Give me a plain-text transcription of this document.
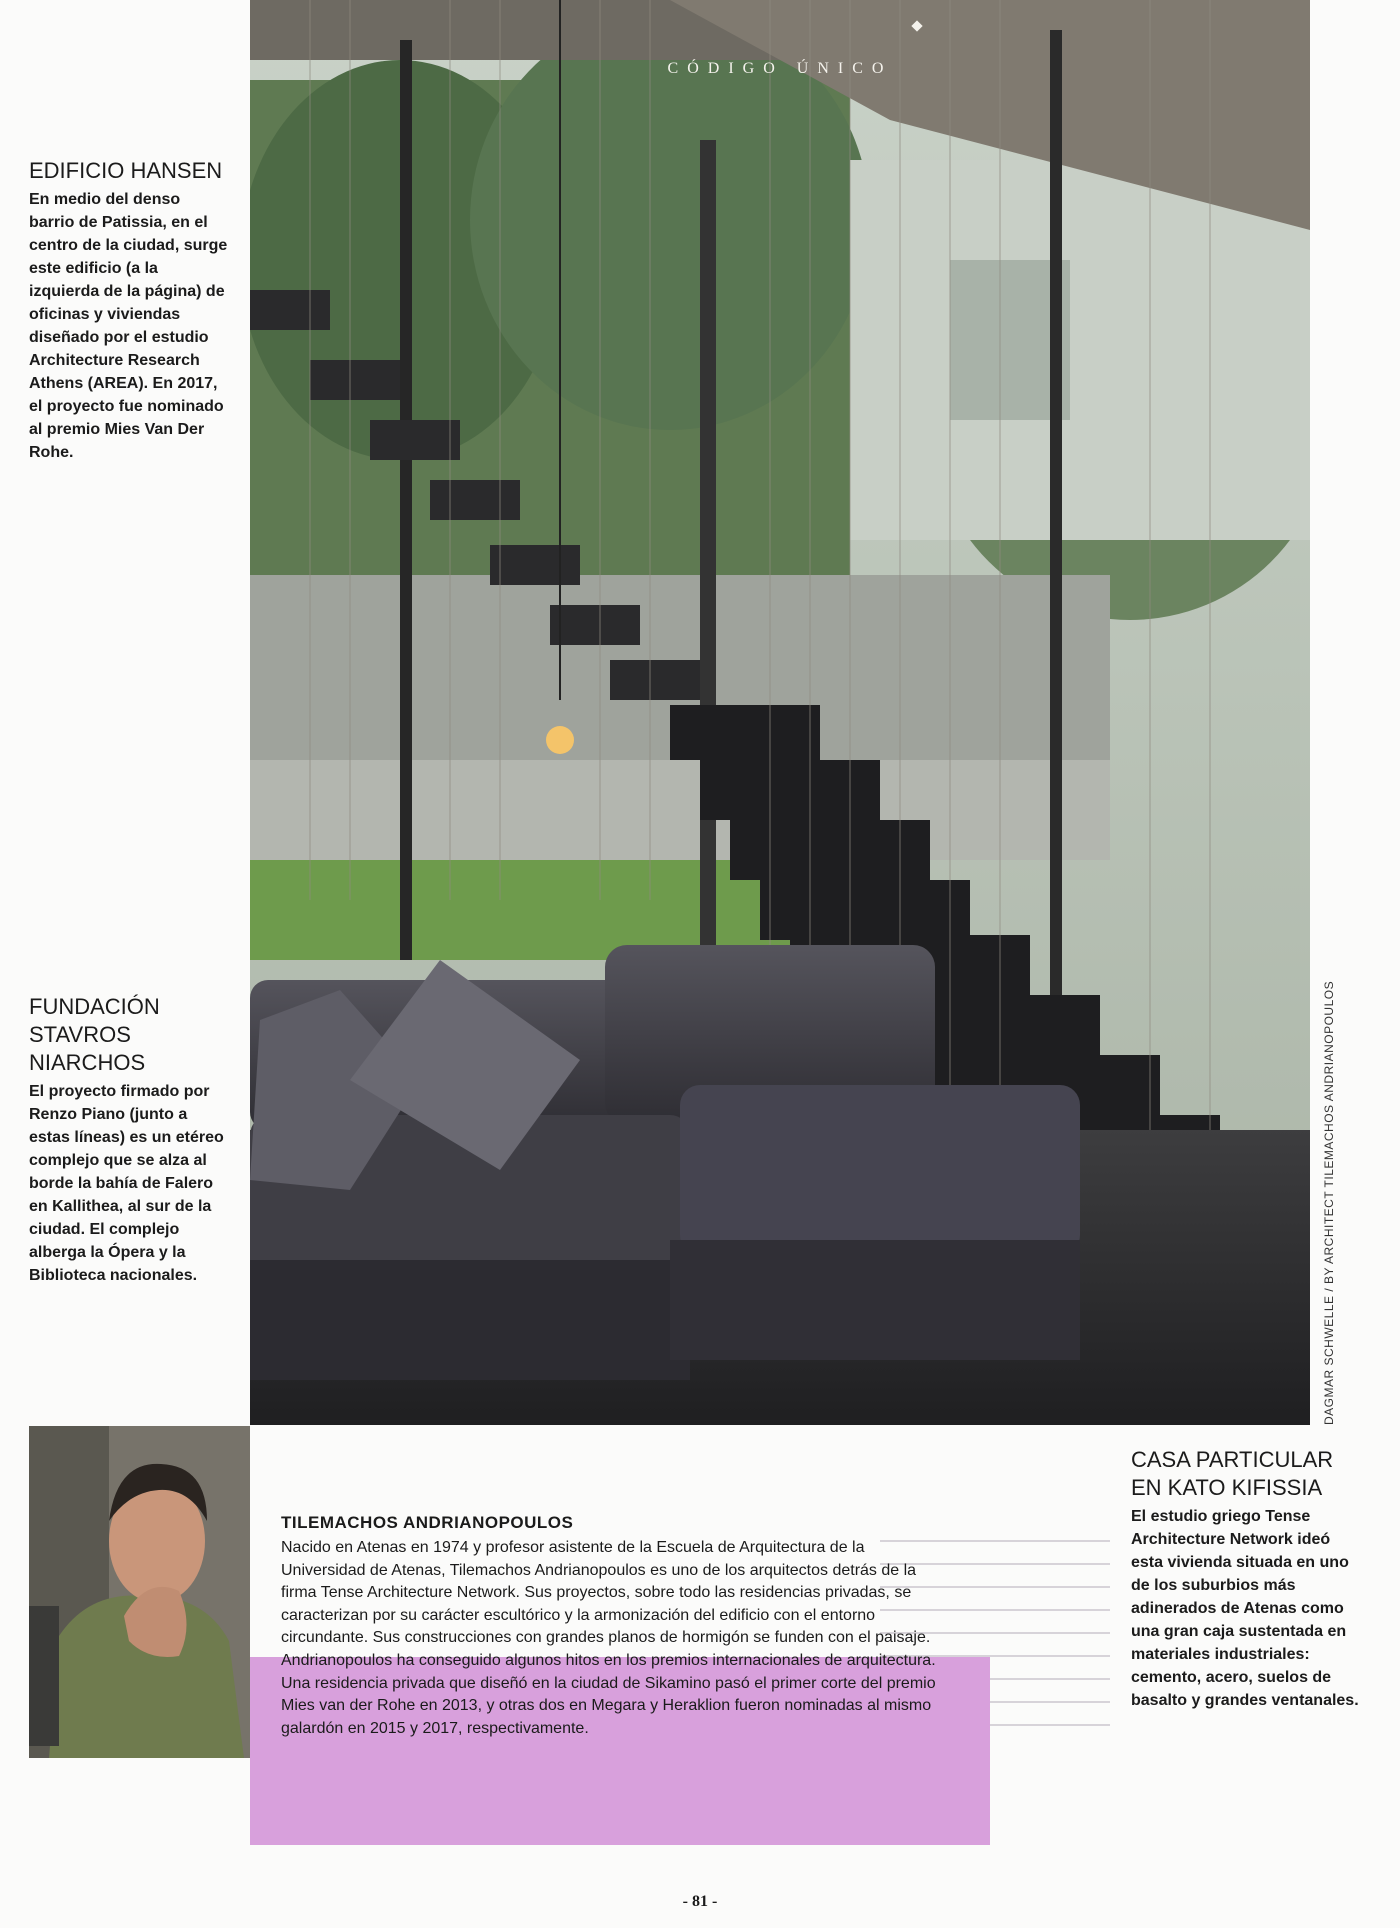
CÓDIGO ÚNICO
EDIFICIO HANSEN

En medio del denso barrio de Patissia, en el centro de la ciudad, surge este edificio (a la izquierda de la página) de oficinas y viviendas diseñado por el estudio Architecture Research Athens (AREA). En 2017, el proyecto fue nominado al premio Mies Van Der Rohe.

FUNDACIÓN STAVROS NIARCHOS

El proyecto firmado por Renzo Piano (junto a estas líneas) es un etéreo complejo que se alza al borde la bahía de Falero en Kallithea, al sur de la ciudad. El complejo alberga la Ópera y la Biblioteca nacionales.	DAGMAR SCHWELLE / BY ARCHITECT TILEMACHOS ANDRIANOPOULOS

TILEMACHOS ANDRIANOPOULOS

Nacido en Atenas en 1974 y profesor asistente de la Escuela de Arquitectura de la Universidad de Atenas, Tilemachos Andrianopoulos es uno de los arquitectos detrás de la firma Tense Architecture Network. Sus proyectos, sobre todo las residencias privadas, se caracterizan por su carácter escultórico y la armonización del edificio con el entorno circundante. Sus construcciones con grandes planos de hormigón se funden con el paisaje. Andrianopoulos ha conseguido algunos hitos en los premios internacionales de arquitectura. Una residencia privada que diseñó en la ciudad de Sikamino pasó el primer corte del premio Mies van der Rohe en 2013, y otras dos en Megara y Heraklion fueron nominadas al mismo galardón en 2015 y 2017, respectivamente.

CASA PARTICULAR EN KATO KIFISSIA

El estudio griego Tense Architecture Network ideó esta vivienda situada en uno de los suburbios más adinerados de Atenas como una gran caja sustentada en materiales industriales: cemento, acero, suelos de basalto y grandes ventanales.

- 81 -
